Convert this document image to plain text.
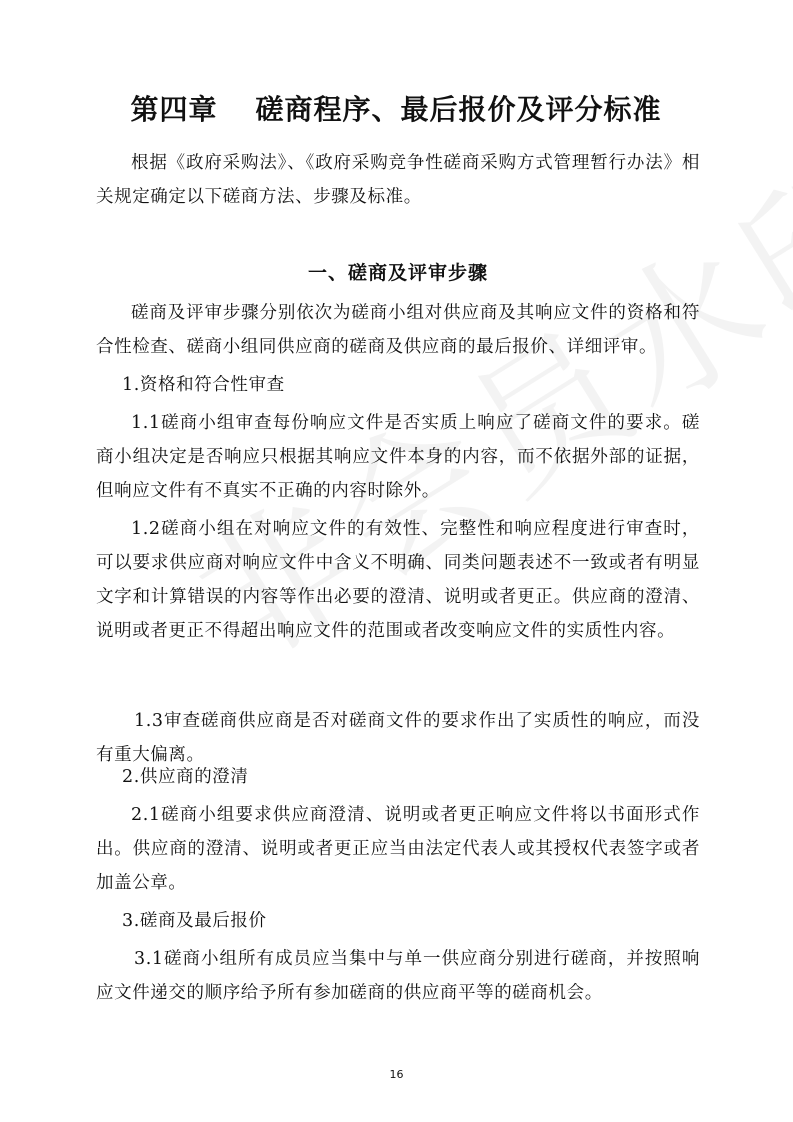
第四章 磋商程序、最后报价及评分标准
根据《政府采购法》、《政府采购竞争性磋商采购方式管理暂行办法》相关规定确定以下磋商方法、步骤及标准。
一、磋商及评审步骤
磋商及评审步骤分别依次为磋商小组对供应商及其响应文件的资格和符合性检查、磋商小组同供应商的磋商及供应商的最后报价、详细评审。
1.资格和符合性审查
1.1磋商小组审查每份响应文件是否实质上响应了磋商文件的要求。磋商小组决定是否响应只根据其响应文件本身的内容，而不依据外部的证据，但响应文件有不真实不正确的内容时除外。
1.2磋商小组在对响应文件的有效性、完整性和响应程度进行审查时，可以要求供应商对响应文件中含义不明确、同类问题表述不一致或者有明显文字和计算错误的内容等作出必要的澄清、说明或者更正。供应商的澄清、说明或者更正不得超出响应文件的范围或者改变响应文件的实质性内容。
1.3审查磋商供应商是否对磋商文件的要求作出了实质性的响应，而没有重大偏离。
2.供应商的澄清
2.1磋商小组要求供应商澄清、说明或者更正响应文件将以书面形式作出。供应商的澄清、说明或者更正应当由法定代表人或其授权代表签字或者加盖公章。
3.磋商及最后报价
3.1磋商小组所有成员应当集中与单一供应商分别进行磋商，并按照响应文件递交的顺序给予所有参加磋商的供应商平等的磋商机会。
16
